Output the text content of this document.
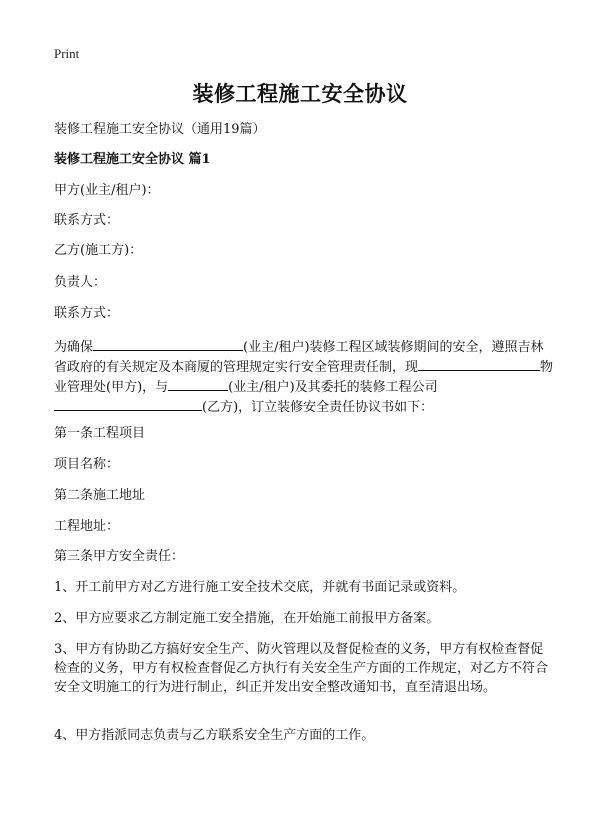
Print
装修工程施工安全协议
装修工程施工安全协议（通用19篇）
装修工程施工安全协议 篇1
甲方(业主/租户)：
联系方式：
乙方(施工方)：
负责人：
联系方式：
为确保	(业主/租户)装修工程区域装修期间的安全，遵照吉林省政府的有关规定及本商厦的管理规定实行安全管理责任制，现	物业管理处(甲方)，与	(业主/租户)及其委托的装修工程公司(乙方)，订立装修安全责任协议书如下：
第一条工程项目
项目名称：
第二条施工地址
工程地址：
第三条甲方安全责任：
1、开工前甲方对乙方进行施工安全技术交底，并就有书面记录或资料。
2、甲方应要求乙方制定施工安全措施，在开始施工前报甲方备案。
3、甲方有协助乙方搞好安全生产、防火管理以及督促检查的义务，甲方有权检查督促检查的义务，甲方有权检查督促乙方执行有关安全生产方面的工作规定，对乙方不符合安全文明施工的行为进行制止，纠正并发出安全整改通知书，直至清退出场。
4、甲方指派同志负责与乙方联系安全生产方面的工作。
